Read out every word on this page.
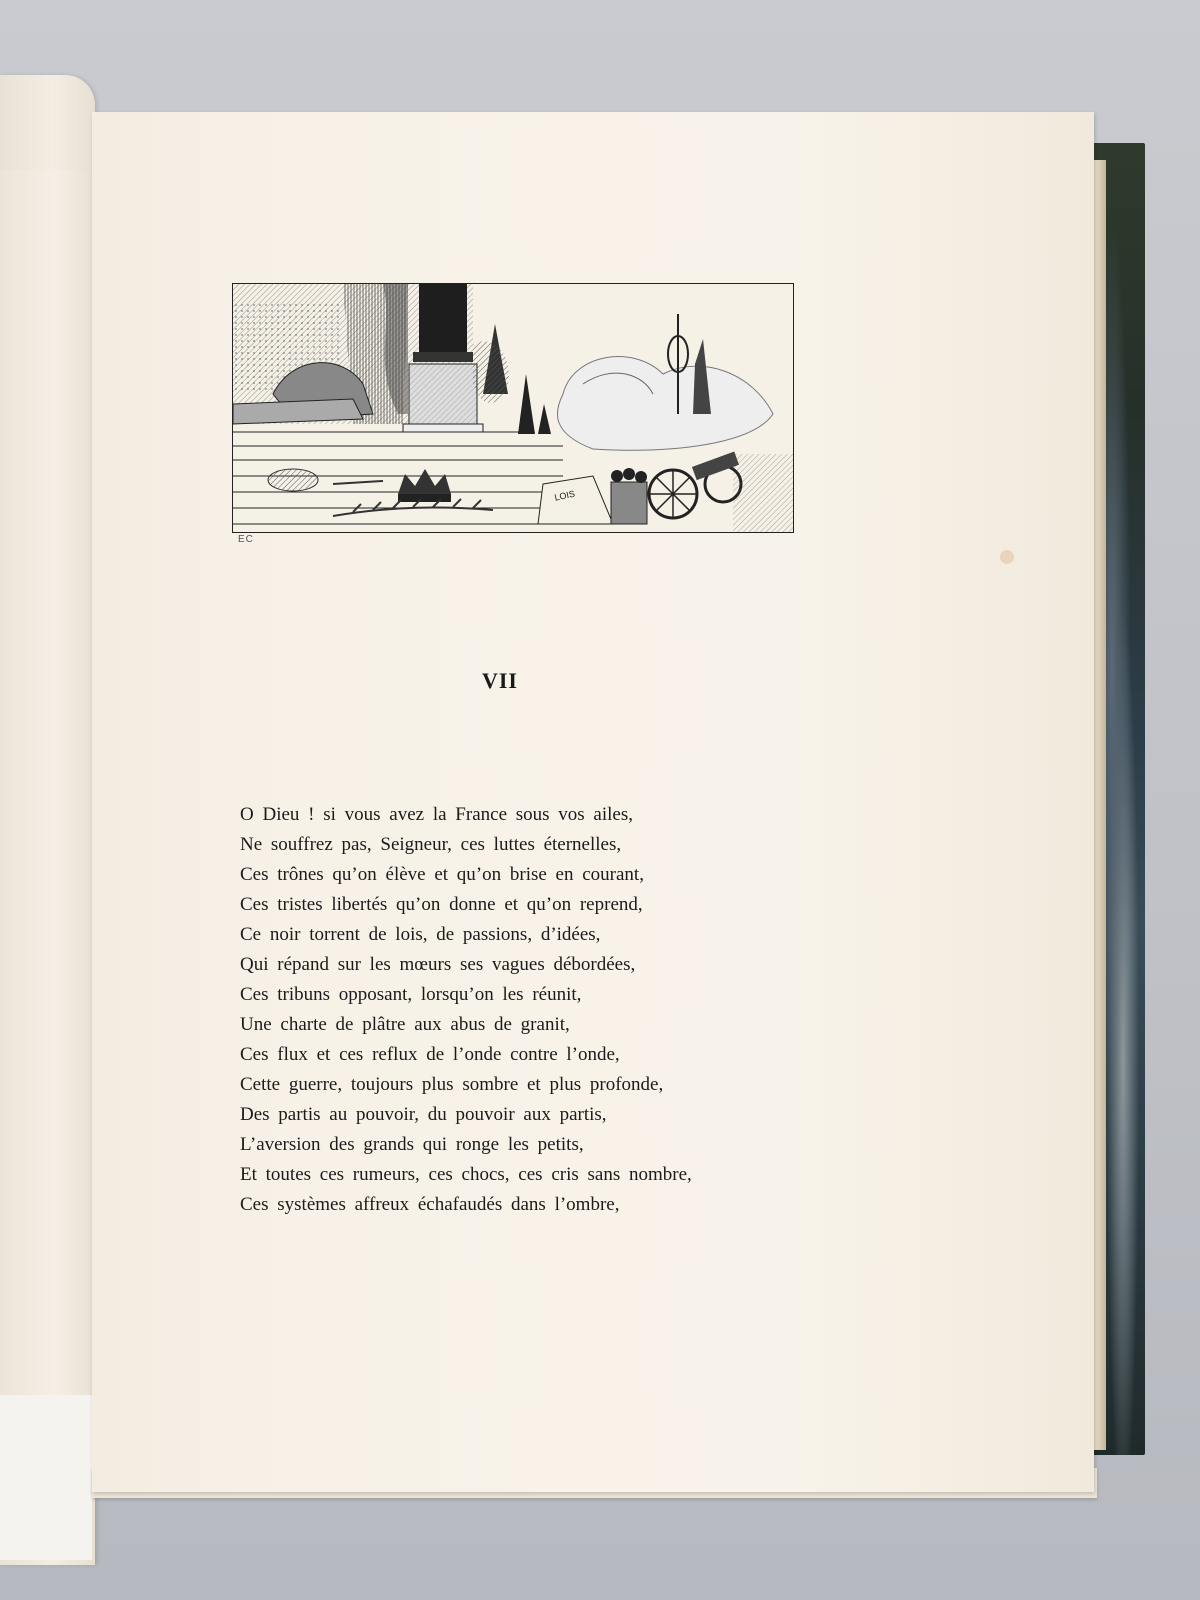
LOIS
EC
VII
O Dieu ! si vous avez la France sous vos ailes,
Ne souffrez pas, Seigneur, ces luttes éternelles,
Ces trônes qu’on élève et qu’on brise en courant,
Ces tristes libertés qu’on donne et qu’on reprend,
Ce noir torrent de lois, de passions, d’idées,
Qui répand sur les mœurs ses vagues débordées,
Ces tribuns opposant, lorsqu’on les réunit,
Une charte de plâtre aux abus de granit,
Ces flux et ces reflux de l’onde contre l’onde,
Cette guerre, toujours plus sombre et plus profonde,
Des partis au pouvoir, du pouvoir aux partis,
L’aversion des grands qui ronge les petits,
Et toutes ces rumeurs, ces chocs, ces cris sans nombre,
Ces systèmes affreux échafaudés dans l’ombre,
